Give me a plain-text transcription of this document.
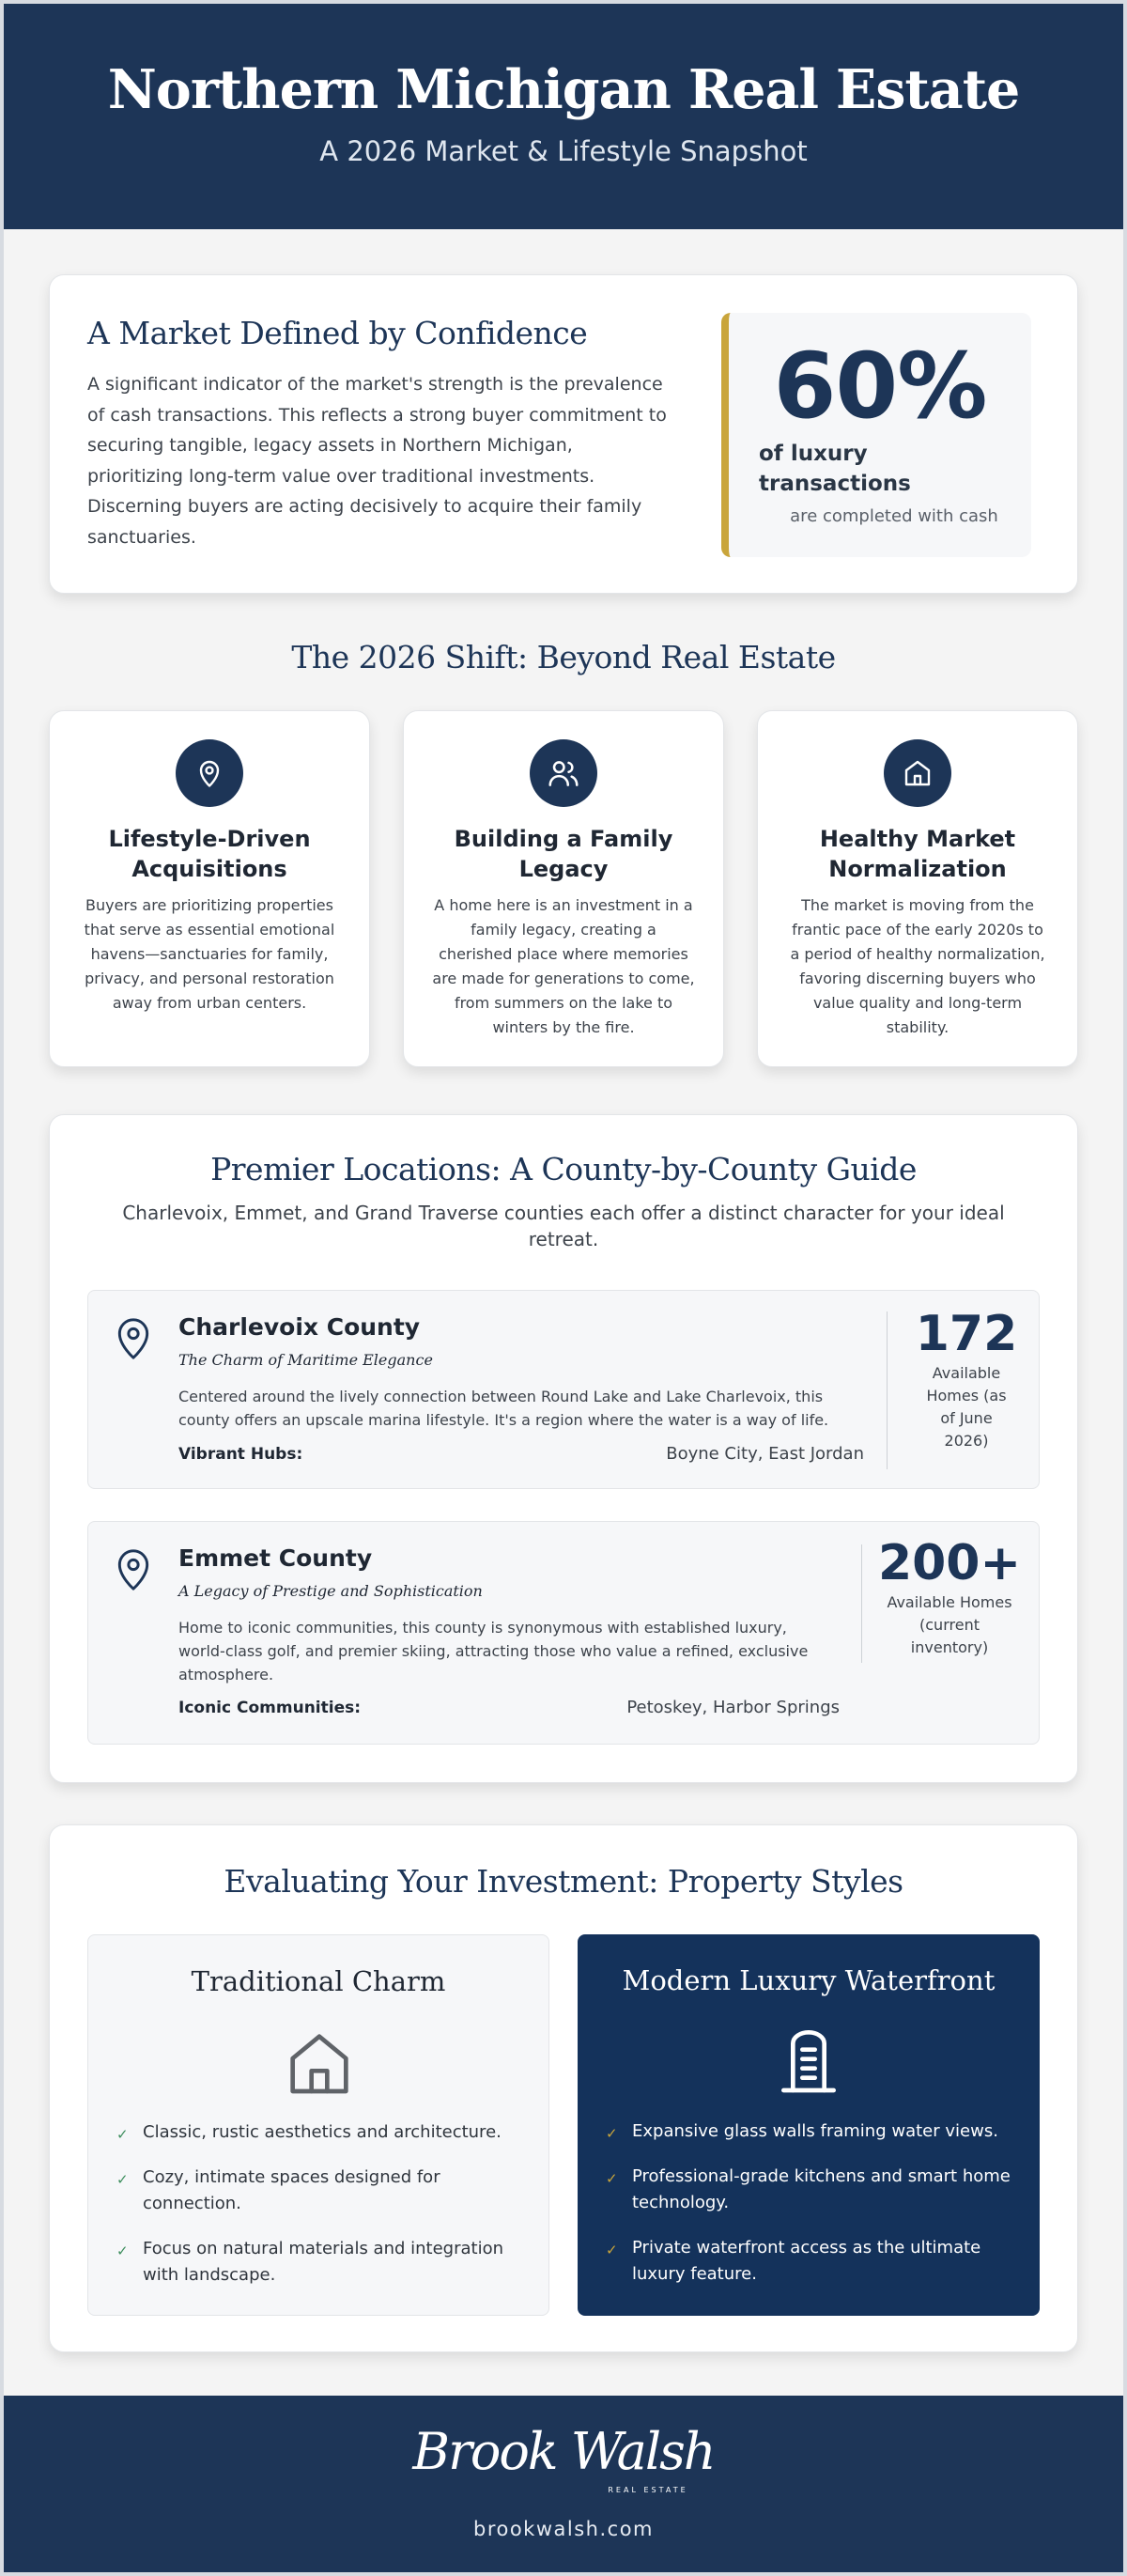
Northern Michigan Real Estate
A 2026 Market & Lifestyle Snapshot
A Market Defined by Confidence
A significant indicator of the market's strength is the prevalence of cash transactions. This reflects a strong buyer commitment to securing tangible, legacy assets in Northern Michigan, prioritizing long-term value over traditional investments. Discerning buyers are acting decisively to acquire their family sanctuaries.
60%
of luxury transactions
are completed with cash
The 2026 Shift: Beyond Real Estate
Lifestyle-Driven Acquisitions
Buyers are prioritizing properties that serve as essential emotional havens—sanctuaries for family, privacy, and personal restoration away from urban centers.
Building a Family Legacy
A home here is an investment in a family legacy, creating a cherished place where memories are made for generations to come, from summers on the lake to winters by the fire.
Healthy Market Normalization
The market is moving from the frantic pace of the early 2020s to a period of healthy normalization, favoring discerning buyers who value quality and long-term stability.
Premier Locations: A County-by-County Guide
Charlevoix, Emmet, and Grand Traverse counties each offer a distinct character for your ideal retreat.
Charlevoix County
The Charm of Maritime Elegance
Centered around the lively connection between Round Lake and Lake Charlevoix, this county offers an upscale marina lifestyle. It's a region where the water is a way of life.
Vibrant Hubs:	Boyne City, East Jordan
172
Available Homes (as of June 2026)
Emmet County
A Legacy of Prestige and Sophistication
Home to iconic communities, this county is synonymous with established luxury, world-class golf, and premier skiing, attracting those who value a refined, exclusive atmosphere.
Iconic Communities:	Petoskey, Harbor Springs
200+
Available Homes (current inventory)
Evaluating Your Investment: Property Styles
Traditional Charm
✓ Classic, rustic aesthetics and architecture.
✓ Cozy, intimate spaces designed for connection.
✓ Focus on natural materials and integration with landscape.
Modern Luxury Waterfront
✓ Expansive glass walls framing water views.
✓ Professional-grade kitchens and smart home technology.
✓ Private waterfront access as the ultimate luxury feature.
Brook Walsh
REAL ESTATE
brookwalsh.com
